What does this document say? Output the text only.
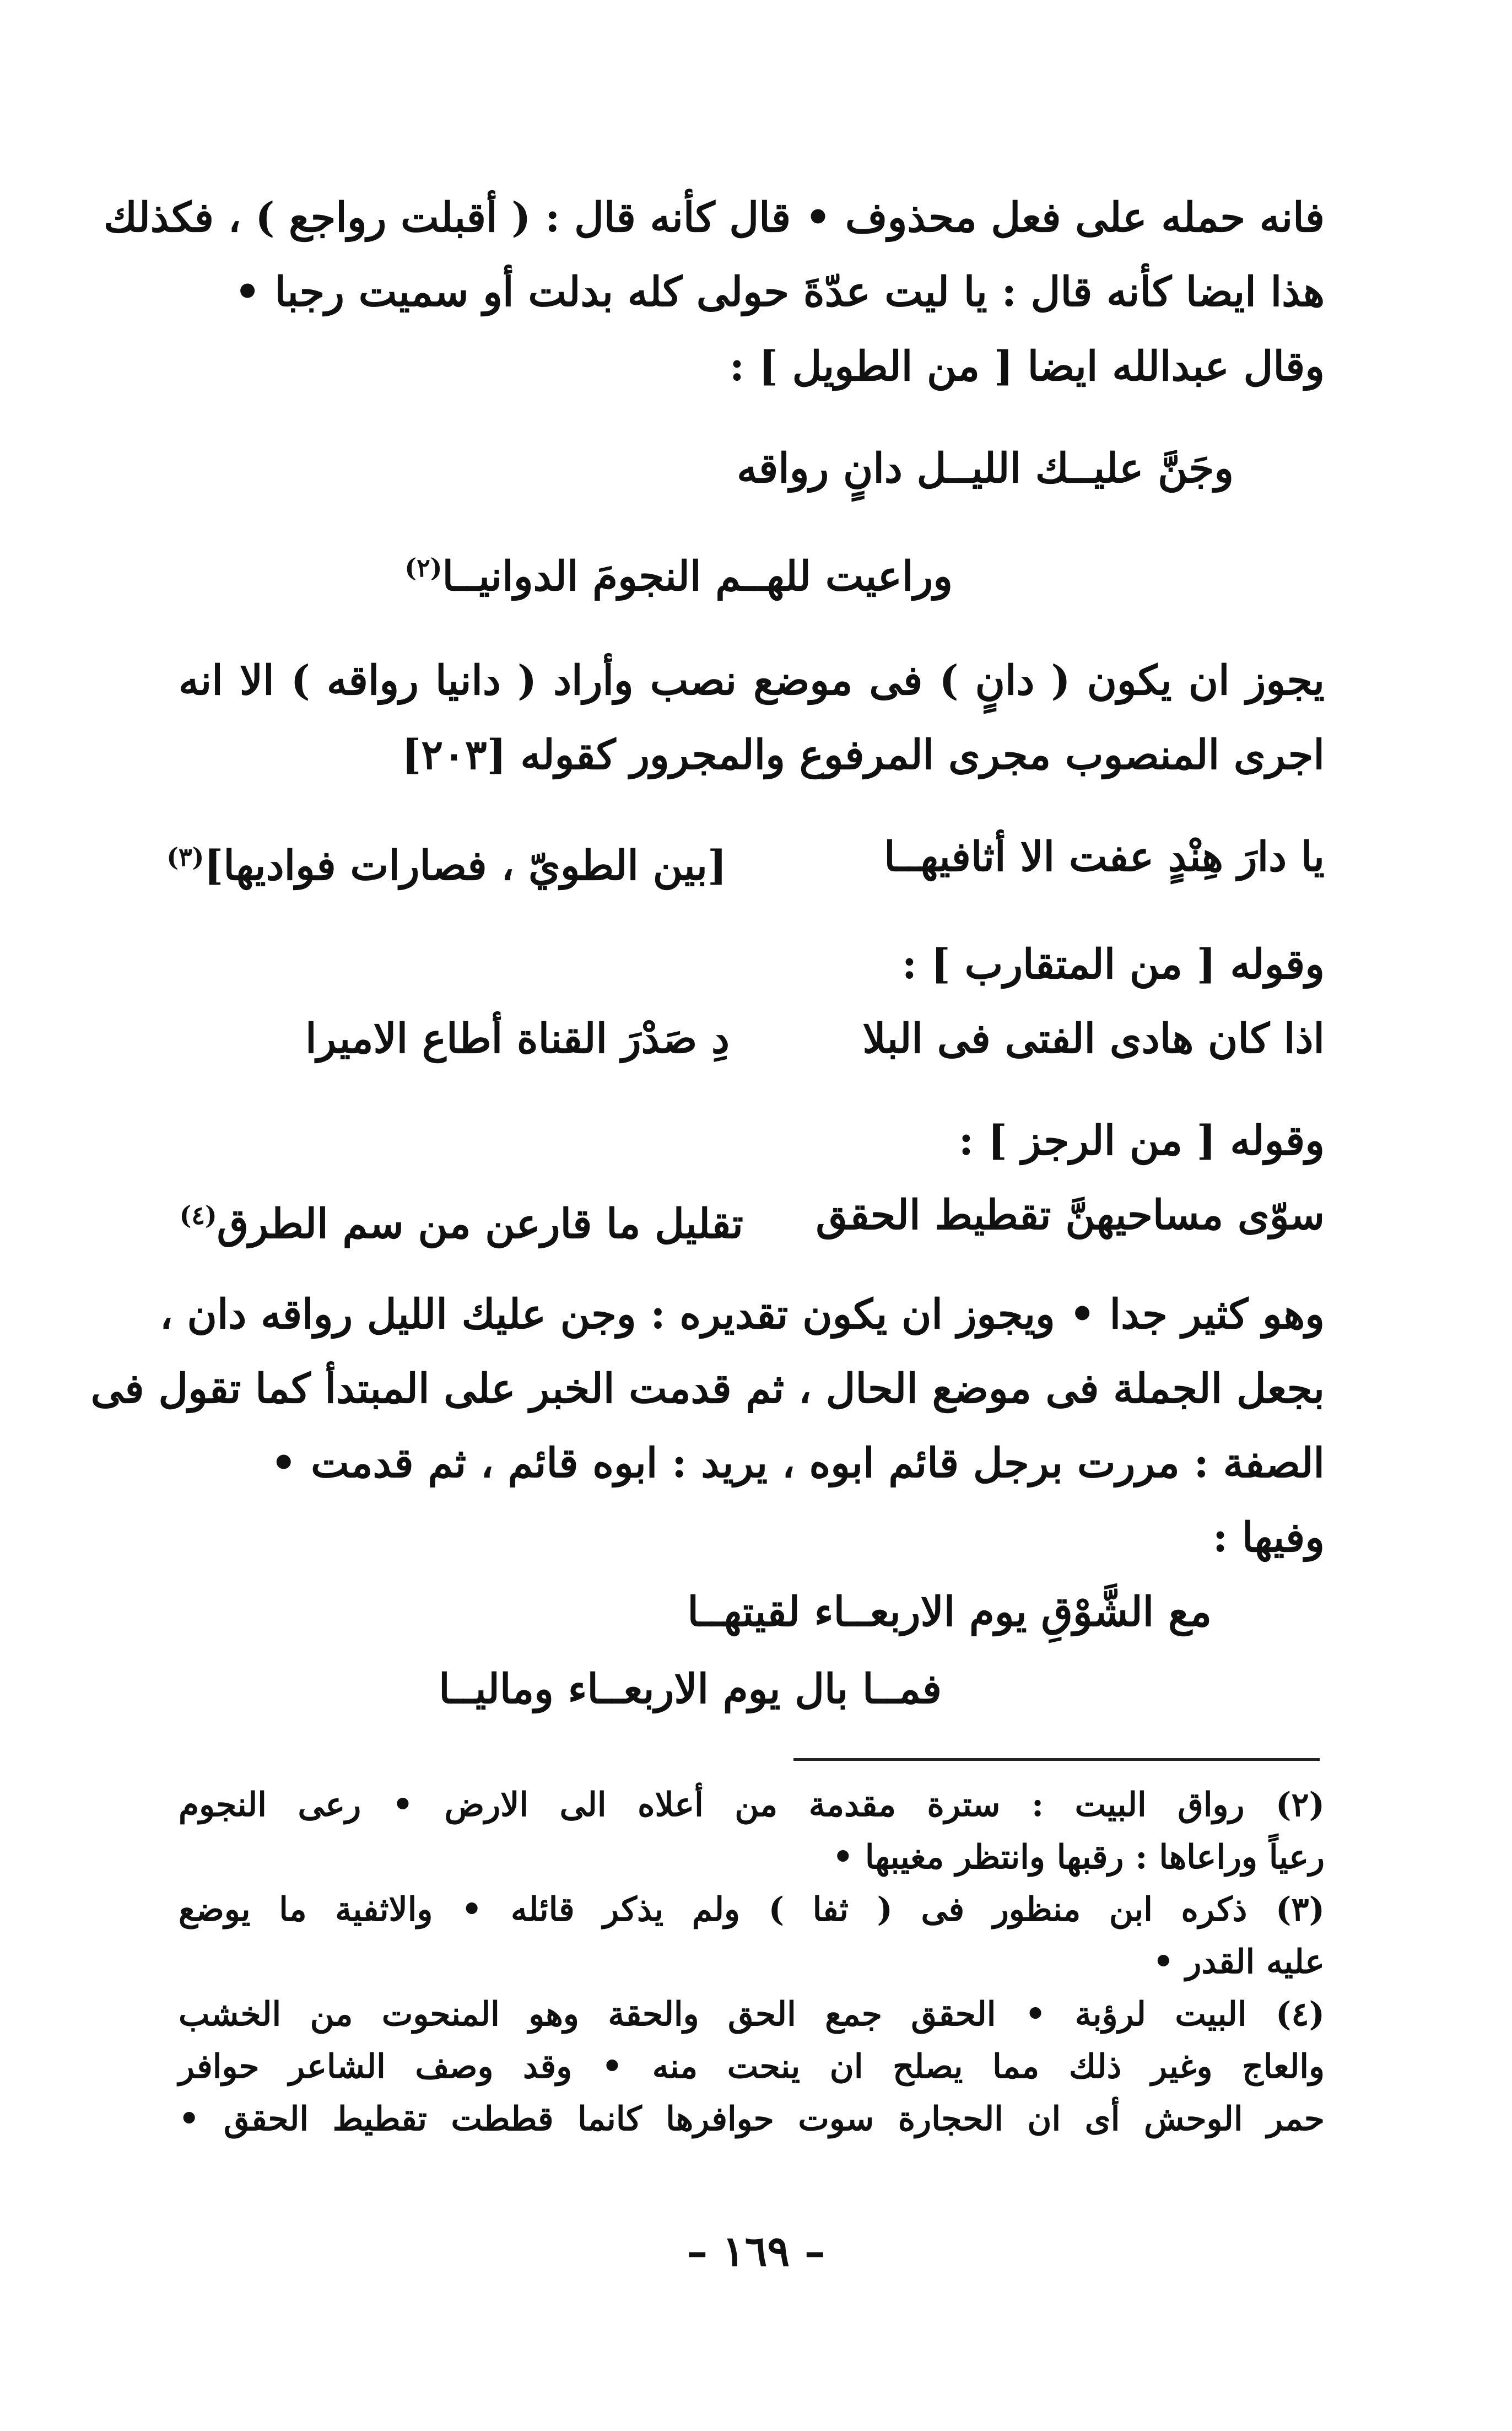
فانه حمله على فعل محذوف • قال كأنه قال : ( أقبلت رواجع ) ، فكذلك
هذا ايضا كأنه قال : يا ليت عدّةَ حولى كله بدلت أو سميت رجبا •
وقال عبدالله ايضا [ من الطويل ] :
وجَنَّ عليــك الليــل دانٍ رواقه
وراعيت للهــم النجومَ الدوانيــا$^{(٢)}$
يجوز ان يكون ( دانٍ ) فى موضع نصب وأراد ( دانيا رواقه ) الا انه
اجرى المنصوب مجرى المرفوع والمجرور كقوله [٢٠٣]
يا دارَ هِنْدٍ عفت الا أثافيهــا
[بين الطويّ ، فصارات فواديها]$^{(٣)}$
وقوله [ من المتقارب ] :
اذا كان هادى الفتى فى البلا
دِ صَدْرَ القناة أطاع الاميرا
وقوله [ من الرجز ] :
سوّى مساحيهنَّ تقطيط الحقق
تقليل ما قارعن من سم الطرق$^{(٤)}$
وهو كثير جدا • ويجوز ان يكون تقديره : وجن عليك الليل رواقه دان ،
بجعل الجملة فى موضع الحال ، ثم قدمت الخبر على المبتدأ كما تقول فى
الصفة : مررت برجل قائم ابوه ، يريد : ابوه قائم ، ثم قدمت •
وفيها :
مع الشَّوْقِ يوم الاربعــاء لقيتهــا
فمــا بال يوم الاربعــاء وماليــا
(٢) رواق البيت : سترة مقدمة من أعلاه الى الارض • رعى النجوم
رعياً وراعاها : رقبها وانتظر مغيبها •
(٣) ذكره ابن منظور فى ( ثفا ) ولم يذكر قائله • والاثفية ما يوضع
عليه القدر •
(٤) البيت لرؤبة • الحقق جمع الحق والحقة وهو المنحوت من الخشب
والعاج وغير ذلك مما يصلح ان ينحت منه • وقد وصف الشاعر حوافر
حمر الوحش أى ان الحجارة سوت حوافرها كانما قططت تقطيط الحقق •
– ١٦٩ –
